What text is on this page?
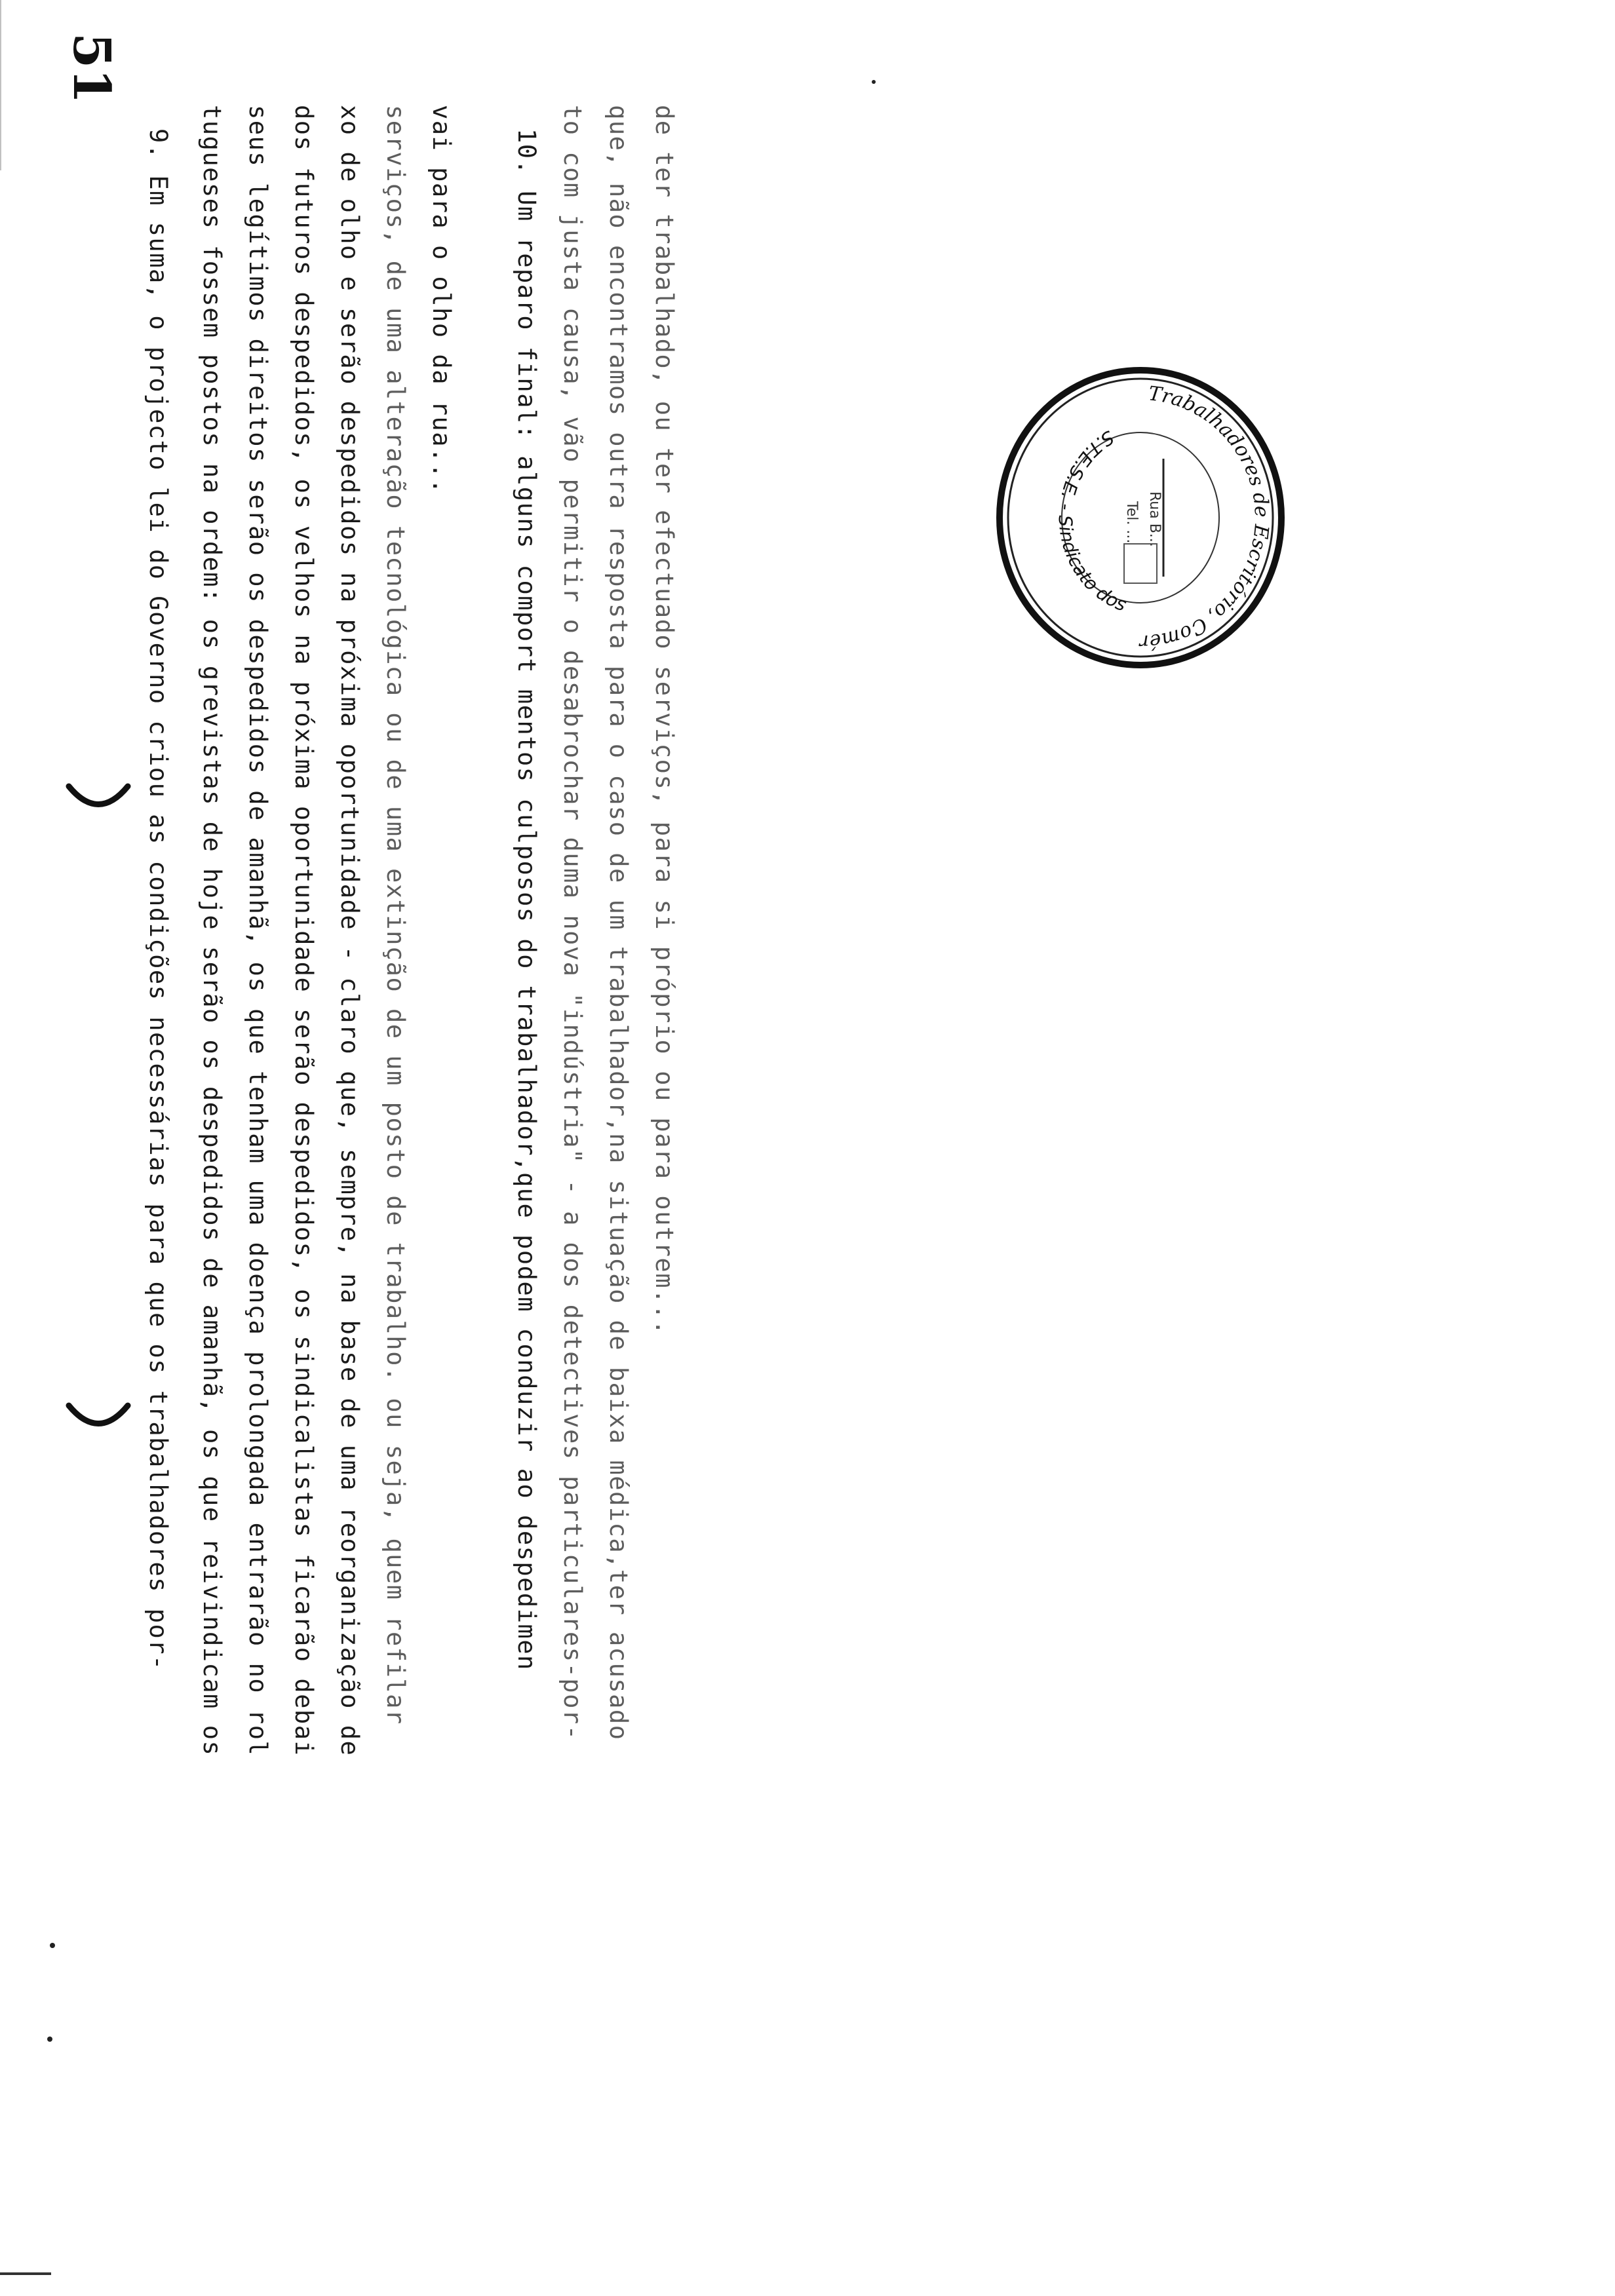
Trabalhadores de Escritório, Comér
S.T.E.S.E. - Sindicato dos
Rua B...
Tel. ...
51
9. Em suma, o projecto lei do Governo criou as condições necessárias para que os trabalhadores por- tugueses fossem postos na ordem: os grevistas de hoje serão os despedidos de amanhã, os que reivindicam os seus legítimos direitos serão os despedidos de amanhã, os que tenham uma doença prolongada entrarão no rol dos futuros despedidos, os velhos na próxima oportunidade serão despedidos, os sindicalistas ficarão debai xo de olho e serão despedidos na próxima oportunidade - claro que, sempre, na base de uma reorganização de serviços, de uma alteração tecnológica ou de uma extinção de um posto de trabalho. ou seja, quem refilar vai para o olho da rua... 10. Um reparo final: alguns comport mentos culposos do trabalhador,que podem conduzir ao despedimen to com justa causa, vão permitir o desabrochar duma nova "indústria" - a dos detectives particulares-por- que, não encontramos outra resposta para o caso de um trabalhador,na situação de baixa médica,ter acusado de ter trabalhado, ou ter efectuado serviços, para si próprio ou para outrem...
